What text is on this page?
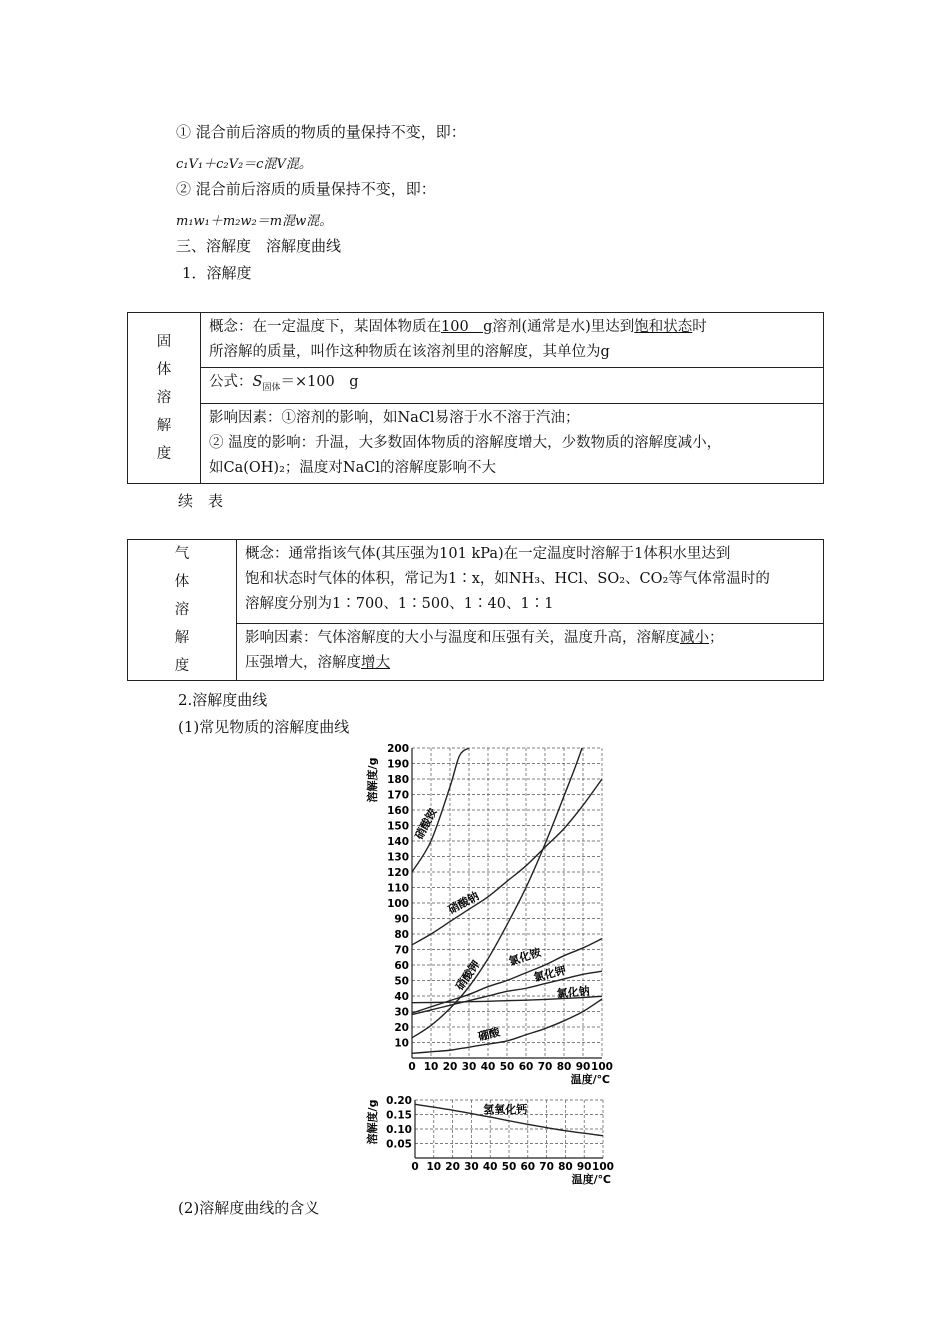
① 混合前后溶质的物质的量保持不变，即：
c₁V₁＋c₂V₂＝c混V混。
② 混合前后溶质的质量保持不变，即：
m₁w₁＋m₂w₂＝m混w混。
三、溶解度　溶解度曲线
1．溶解度
固
体
溶
解
度

概念：在一定温度下，某固体物质在100　g溶剂(通常是水)里达到饱和状态时
所溶解的质量，叫作这种物质在该溶剂里的溶解度，其单位为g

公式：$S_{固体}=\times 100$　g

影响因素：①溶剂的影响，如NaCl易溶于水不溶于汽油；
② 温度的影响：升温，大多数固体物质的溶解度增大，少数物质的溶解度减小，
如Ca(OH)₂；温度对NaCl的溶解度影响不大
续　表
气
体
溶
解
度

概念：通常指该气体(其压强为101 kPa)在一定温度时溶解于1体积水里达到
饱和状态时气体的体积，常记为1∶x，如NH₃、HCl、SO₂、CO₂等气体常温时的
溶解度分别为1∶700、1∶500、1∶40、1∶1

影响因素：气体溶解度的大小与温度和压强有关，温度升高，溶解度减小；
压强增大，溶解度增大
2.溶解度曲线
(1)常见物质的溶解度曲线
0 10 20 30 40 50 60 70 80 90 100
10
20
30
40
50
60
70
80
90
100
110
120
130
140
150
160
170
180
190
200
溶解度/g
温度/℃
硝酸铵
硝酸钠
硝酸钾
氯化铵
氯化钾
氯化钠
硼酸
0 10 20 30 40 50 60 70 80 90 100
0.05
0.10
0.15
0.20
溶解度/g
温度/℃
氢氧化钙
(2)溶解度曲线的含义
